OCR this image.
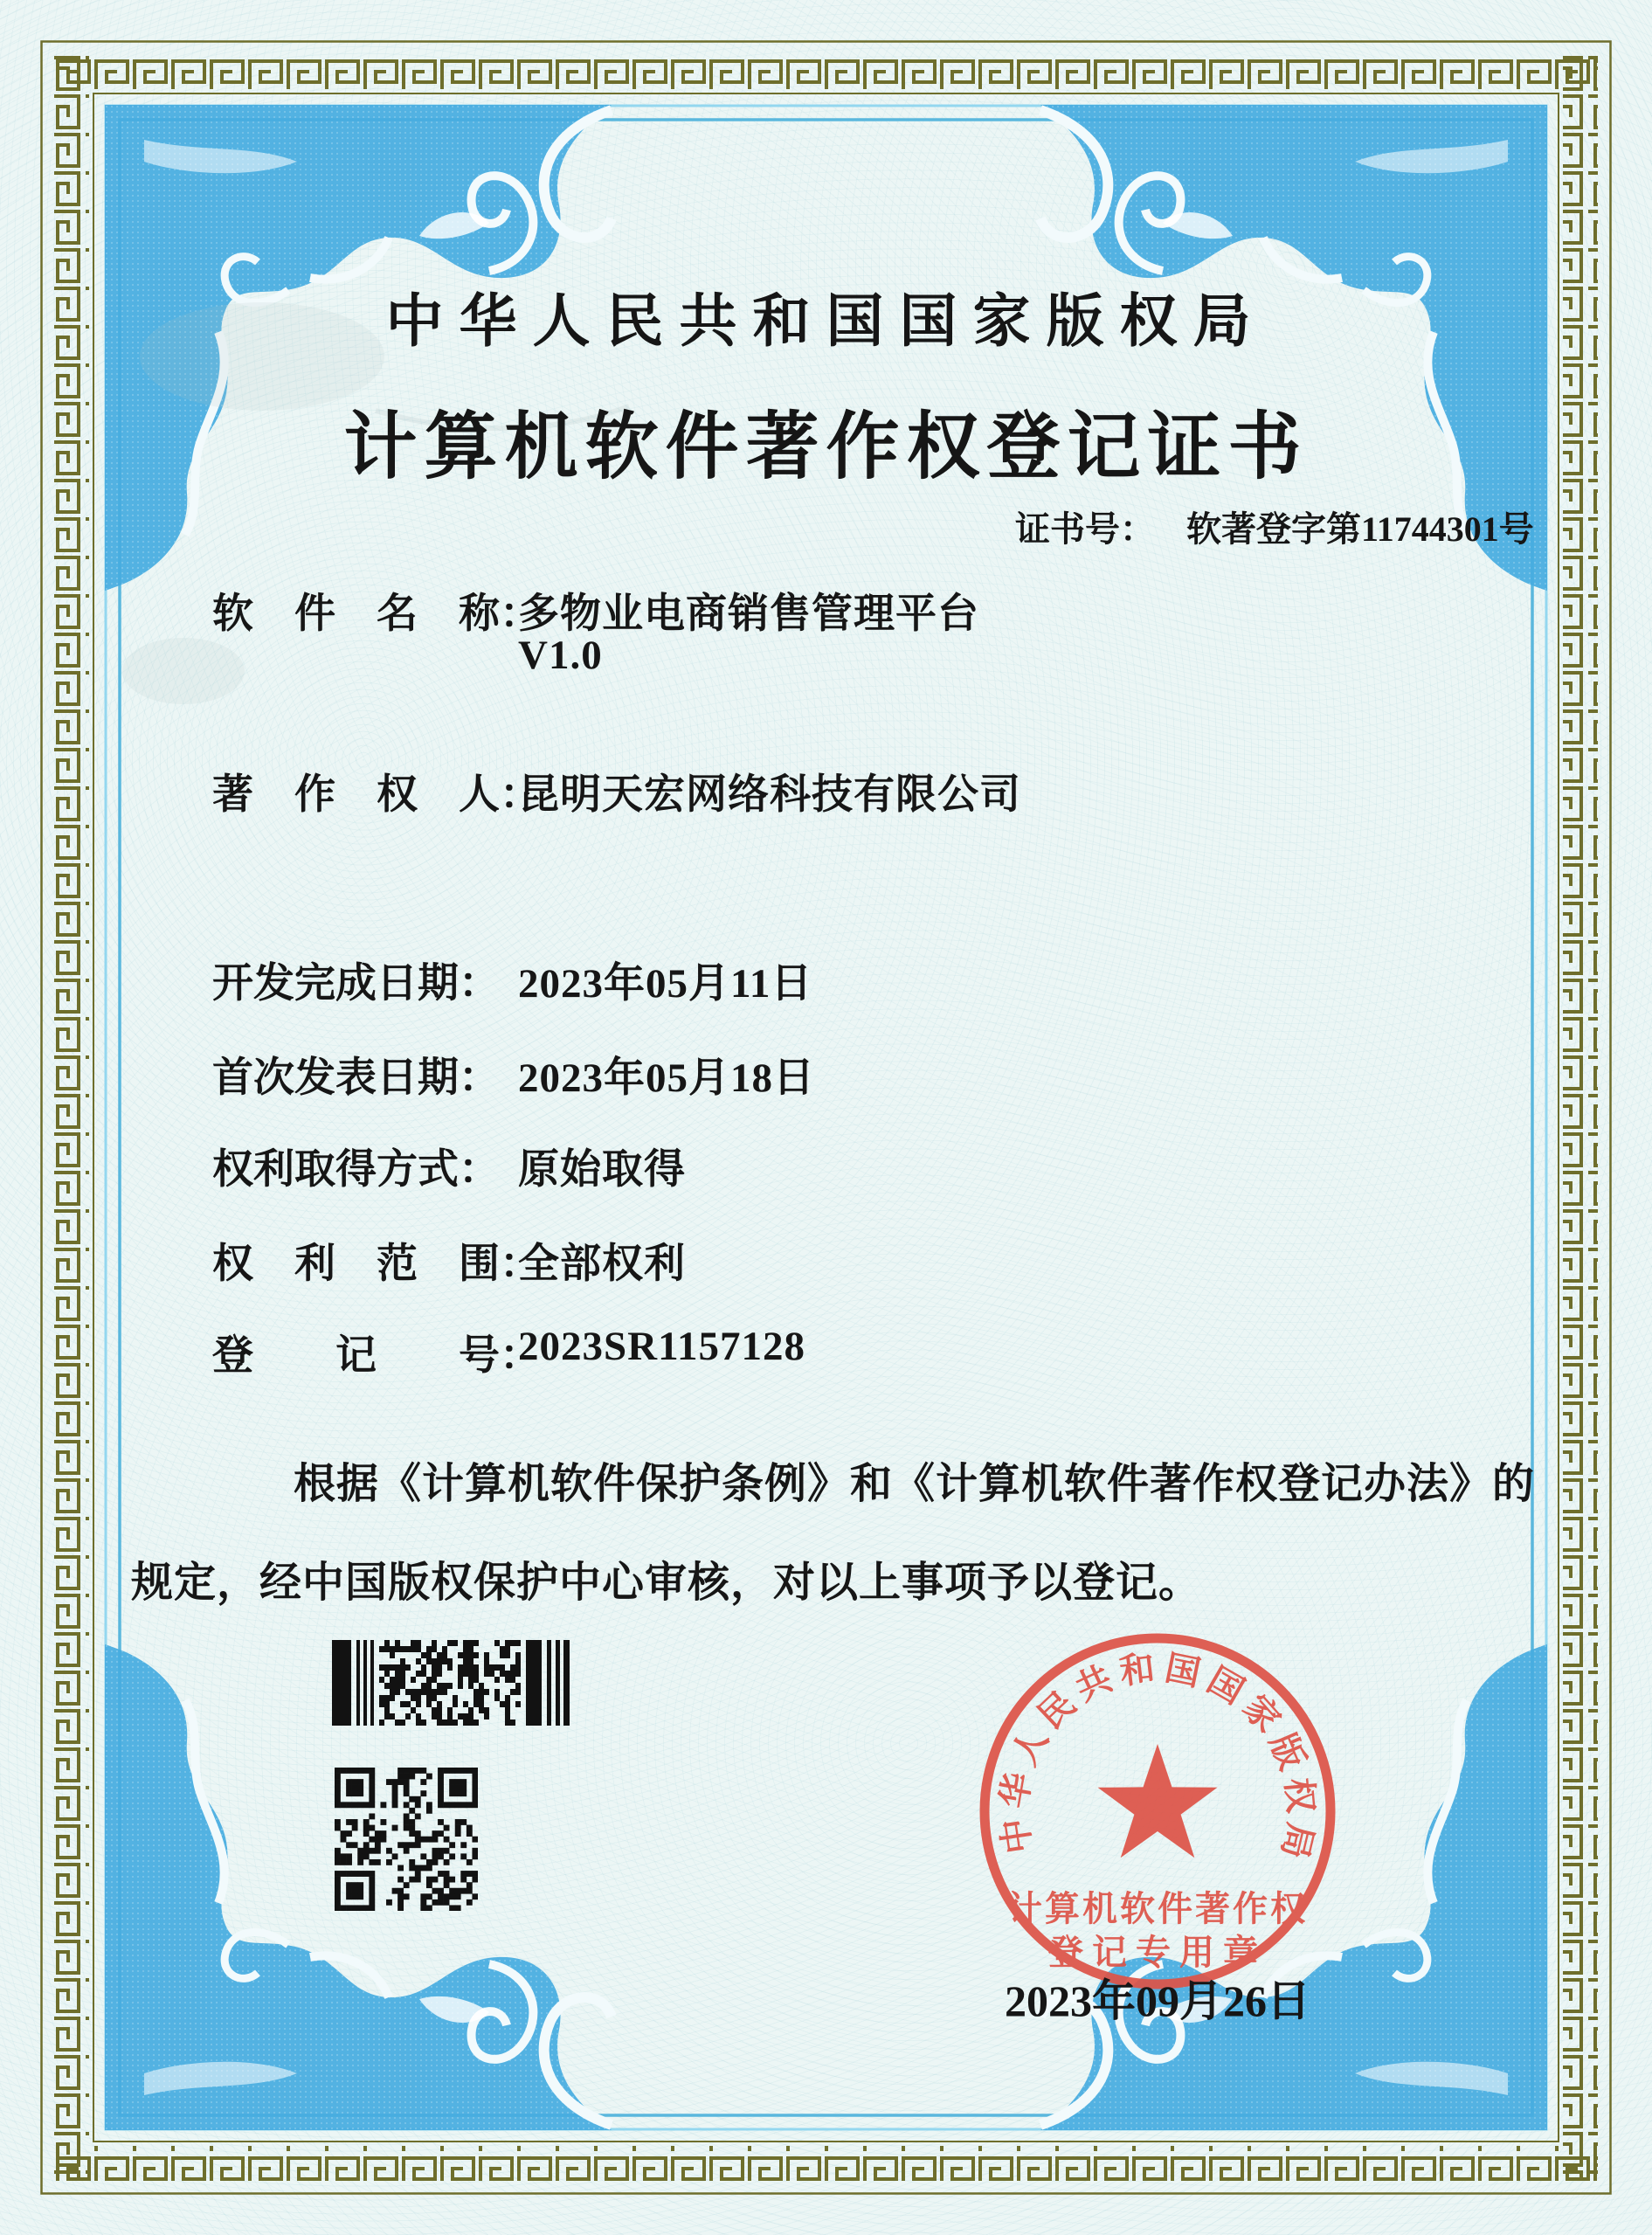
中华人民共和国国家版权局
计算机软件著作权
登记专用章
中华人民共和国国家版权局
计算机软件著作权登记证书
证书号： 软著登字第11744301号
软　件　名　称：
多物业电商销售管理平台
V1.0
著　作　权　人：
昆明天宏网络科技有限公司
开发完成日期： 2023年05月11日
首次发表日期： 2023年05月18日
权利取得方式： 原始取得
权　利　范　围：
全部权利
登　　记　　号：
2023SR1157128
根据《计算机软件保护条例》和《计算机软件著作权登记办法》的
规定，经中国版权保护中心审核，对以上事项予以登记。
2023年09月26日
